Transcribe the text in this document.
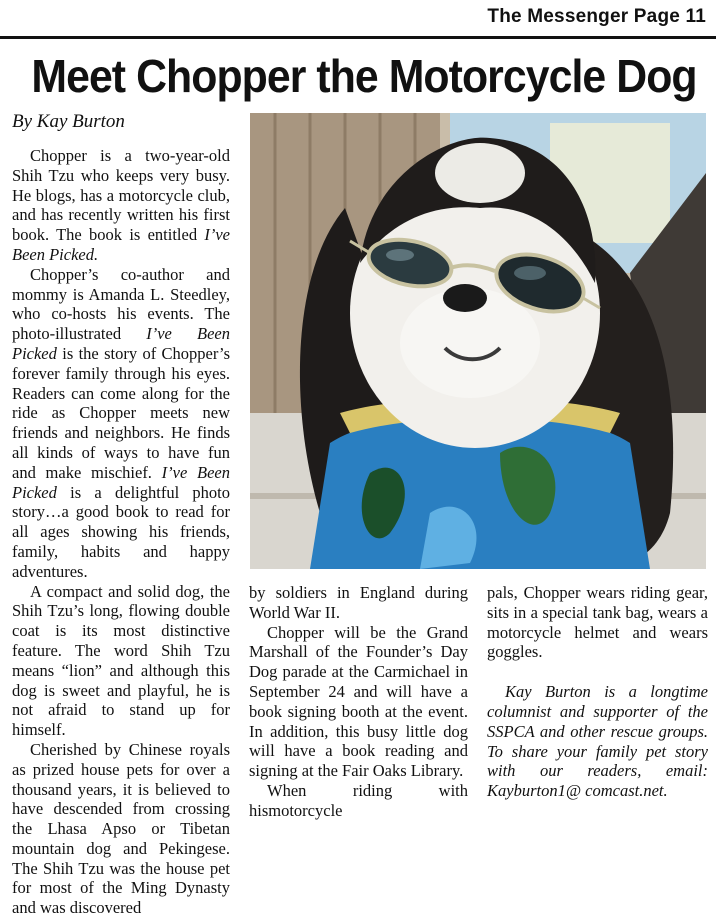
The Messenger Page 11
Meet Chopper the Motorcycle Dog
By Kay Burton

Chopper is a two-year-old Shih Tzu who keeps very busy. He blogs, has a motorcycle club, and has recently written his first book. The book is entitled I’ve Been Picked.

Chopper’s co-author and mommy is Amanda L. Steedley, who co-hosts his events. The photo-illustrated I’ve Been Picked is the story of Chopper’s forever family through his eyes. Readers can come along for the ride as Chopper meets new friends and neighbors. He finds all kinds of ways to have fun and make mischief. I’ve Been Picked is a delightful photo story…a good book to read for all ages showing his friends, family, habits and happy adventures.

A compact and solid dog, the Shih Tzu’s long, flowing double coat is its most distinctive feature. The word Shih Tzu means “lion” and although this dog is sweet and playful, he is not afraid to stand up for himself.

Cherished by Chinese royals as prized house pets for over a thousand years, it is believed to have descended from crossing the Lhasa Apso or Tibetan mountain dog and Pekingese. The Shih Tzu was the house pet for most of the Ming Dynasty and was discovered

by soldiers in England during World War II.

Chopper will be the Grand Marshall of the Founder’s Day Dog parade at the Carmichael in September 24 and will have a book signing booth at the event. In addition, this busy little dog will have a book reading and signing at the Fair Oaks Library.

When riding with hismotorcycle

pals, Chopper wears riding gear, sits in a special tank bag, wears a motorcycle helmet and wears goggles.

Kay Burton is a longtime columnist and supporter of the SSPCA and other rescue groups. To share your family pet story with our readers, email: Kayburton1@ comcast.net.
